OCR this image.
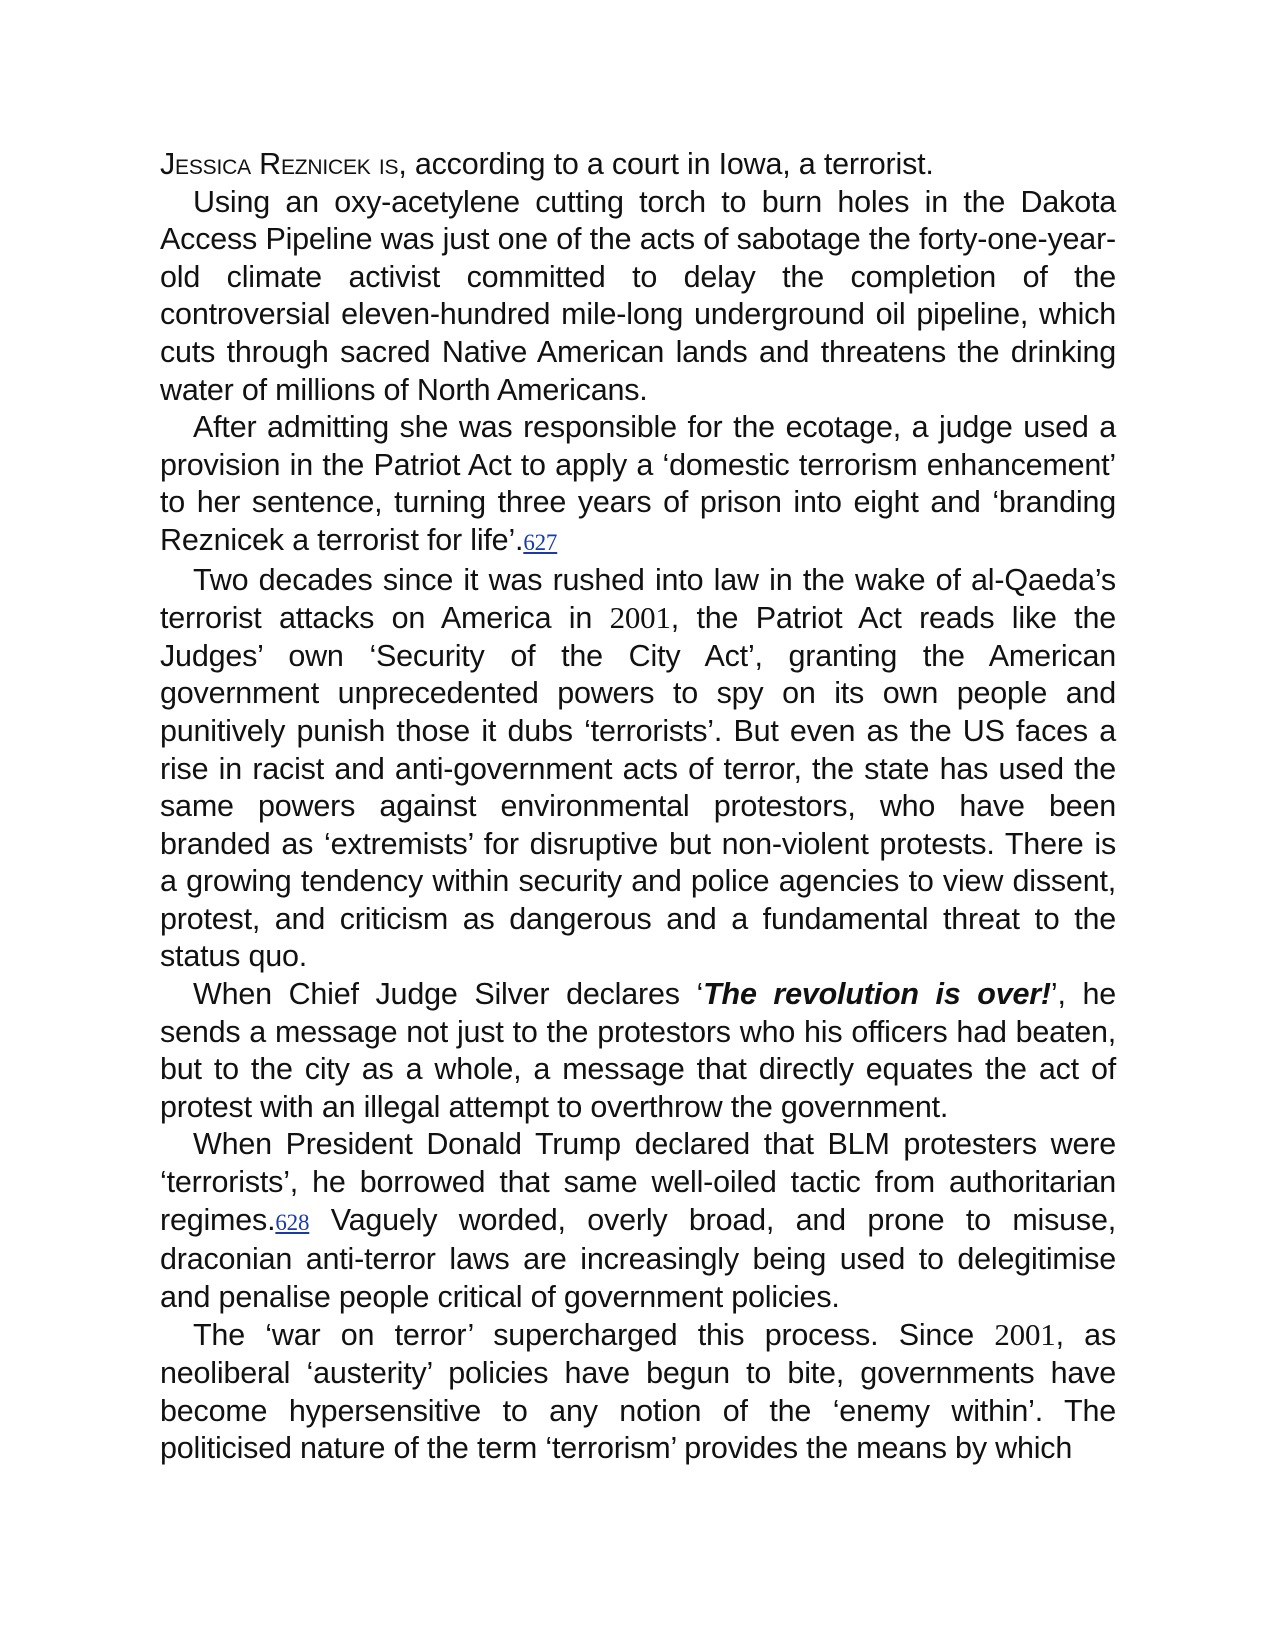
Jessica Reznicek is, according to a court in Iowa, a terrorist.

Using an oxy-acetylene cutting torch to burn holes in the Dakota Access Pipeline was just one of the acts of sabotage the forty-one-year-old climate activist committed to delay the completion of the controversial eleven-hundred mile-long underground oil pipeline, which cuts through sacred Native American lands and threatens the drinking water of millions of North Americans.

After admitting she was responsible for the ecotage, a judge used a provision in the Patriot Act to apply a ‘domestic terrorism enhancement’ to her sentence, turning three years of prison into eight and ‘branding Reznicek a terrorist for life’.627

Two decades since it was rushed into law in the wake of al-Qaeda’s terrorist attacks on America in 2001, the Patriot Act reads like the Judges’ own ‘Security of the City Act’, granting the American government unprecedented powers to spy on its own people and punitively punish those it dubs ‘terrorists’. But even as the US faces a rise in racist and anti-government acts of terror, the state has used the same powers against environmental protestors, who have been branded as ‘extremists’ for disruptive but non-violent protests. There is a growing tendency within security and police agencies to view dissent, protest, and criticism as dangerous and a fundamental threat to the status quo.

When Chief Judge Silver declares ‘The revolution is over!’, he sends a message not just to the protestors who his officers had beaten, but to the city as a whole, a message that directly equates the act of protest with an illegal attempt to overthrow the government.

When President Donald Trump declared that BLM protesters were ‘terrorists’, he borrowed that same well-oiled tactic from authoritarian regimes.628 Vaguely worded, overly broad, and prone to misuse, draconian anti-terror laws are increasingly being used to delegitimise and penalise people critical of government policies.

The ‘war on terror’ supercharged this process. Since 2001, as neoliberal ‘austerity’ policies have begun to bite, governments have become hypersensitive to any notion of the ‘enemy within’. The politicised nature of the term ‘terrorism’ provides the means by which
